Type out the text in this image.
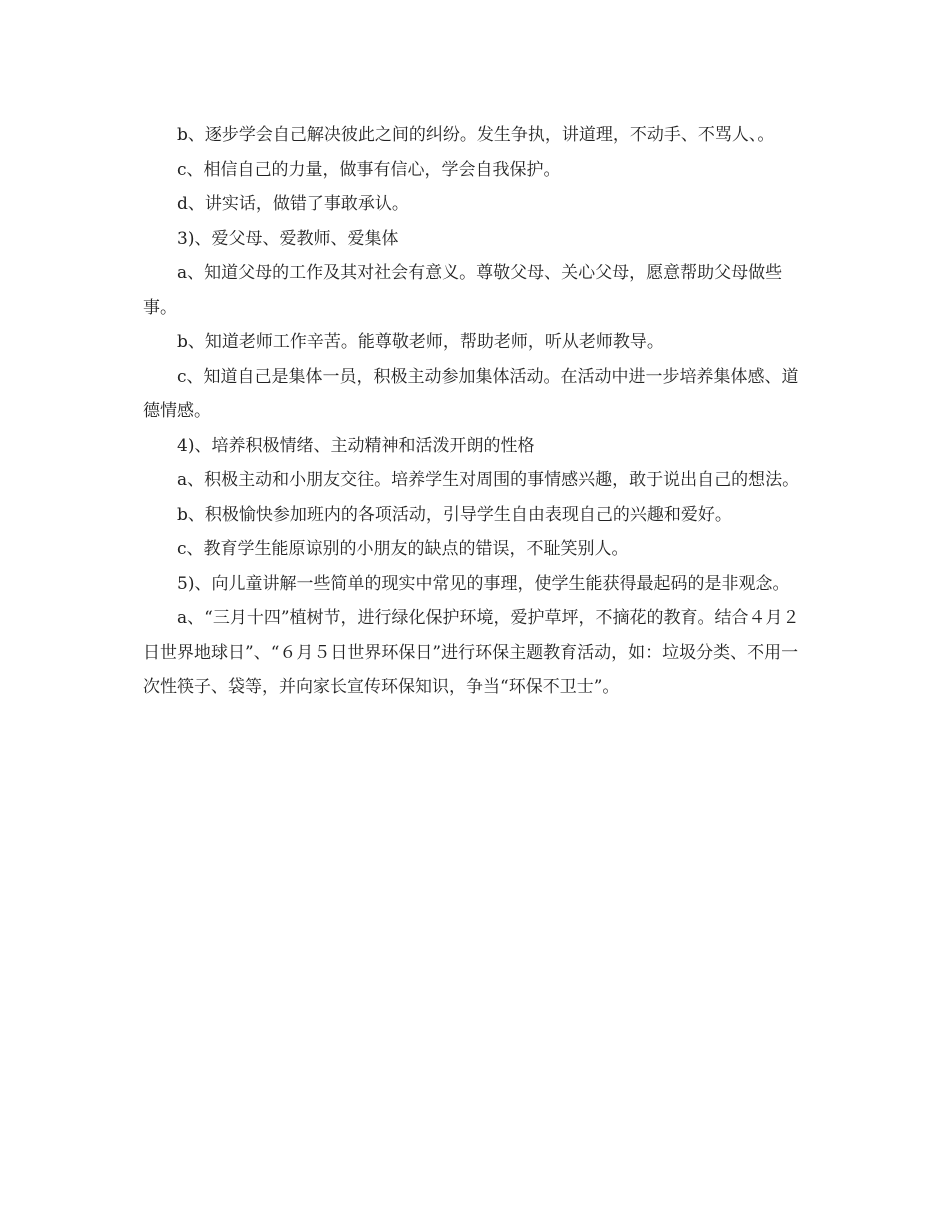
b、逐步学会自己解决彼此之间的纠纷。发生争执，讲道理，不动手、不骂人、。

c、相信自己的力量，做事有信心，学会自我保护。

d、讲实话，做错了事敢承认。

3)、爱父母、爱教师、爱集体

a、知道父母的工作及其对社会有意义。尊敬父母、关心父母，愿意帮助父母做些事。

b、知道老师工作辛苦。能尊敬老师，帮助老师，听从老师教导。

c、知道自己是集体一员，积极主动参加集体活动。在活动中进一步培养集体感、道德情感。

4)、培养积极情绪、主动精神和活泼开朗的性格

a、积极主动和小朋友交往。培养学生对周围的事情感兴趣，敢于说出自己的想法。

b、积极愉快参加班内的各项活动，引导学生自由表现自己的兴趣和爱好。

c、教育学生能原谅别的小朋友的缺点的错误，不耻笑别人。

5)、向儿童讲解一些简单的现实中常见的事理，使学生能获得最起码的是非观念。

a、“三月十四”植树节，进行绿化保护环境，爱护草坪，不摘花的教育。结合４月２日世界地球日”、“６月５日世界环保日”进行环保主题教育活动，如：垃圾分类、不用一次性筷子、袋等，并向家长宣传环保知识，争当“环保不卫士”。
